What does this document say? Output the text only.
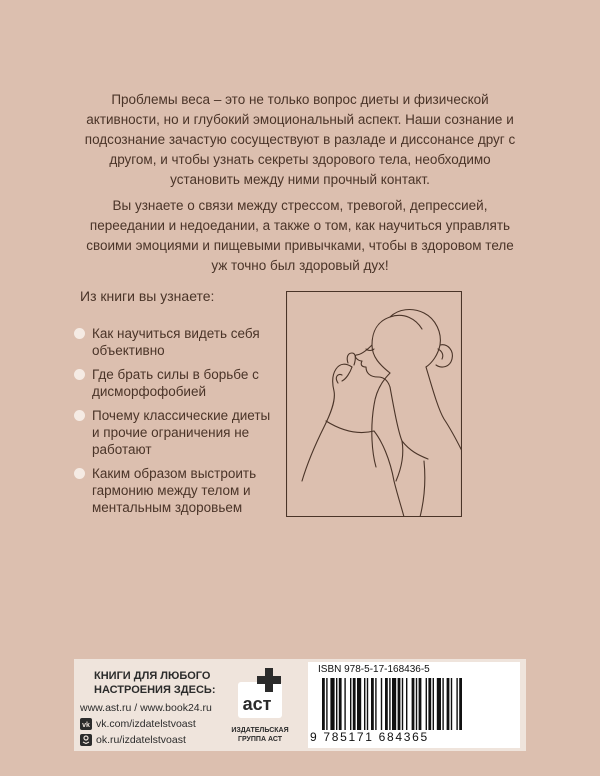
Проблемы веса – это не только вопрос диеты и физической активности, но и глубокий эмоциональный аспект. Наши сознание и подсознание зачастую сосуществуют в разладе и диссонансе друг с другом, и чтобы узнать секреты здорового тела, необходимо установить между ними прочный контакт.
Вы узнаете о связи между стрессом, тревогой, депрессией, переедании и недоедании, а также о том, как научиться управлять своими эмоциями и пищевыми привычками, чтобы в здоровом теле уж точно был здоровый дух!
Из книги вы узнаете:
Как научиться видеть себя объективно
Где брать силы в борьбе с дисморфофобией
Почему классические диеты и прочие ограничения не работают
Каким образом выстроить гармонию между телом и ментальным здоровьем
КНИГИ ДЛЯ ЛЮБОГО НАСТРОЕНИЯ ЗДЕСЬ:
www.ast.ru / www.book24.ru
vk vk.com/izdatelstvoast
ok.ru/izdatelstvoast
аст
ИЗДАТЕЛЬСКАЯ ГРУППА АСТ
ISBN 978-5-17-168436-5
9 785171 684365
